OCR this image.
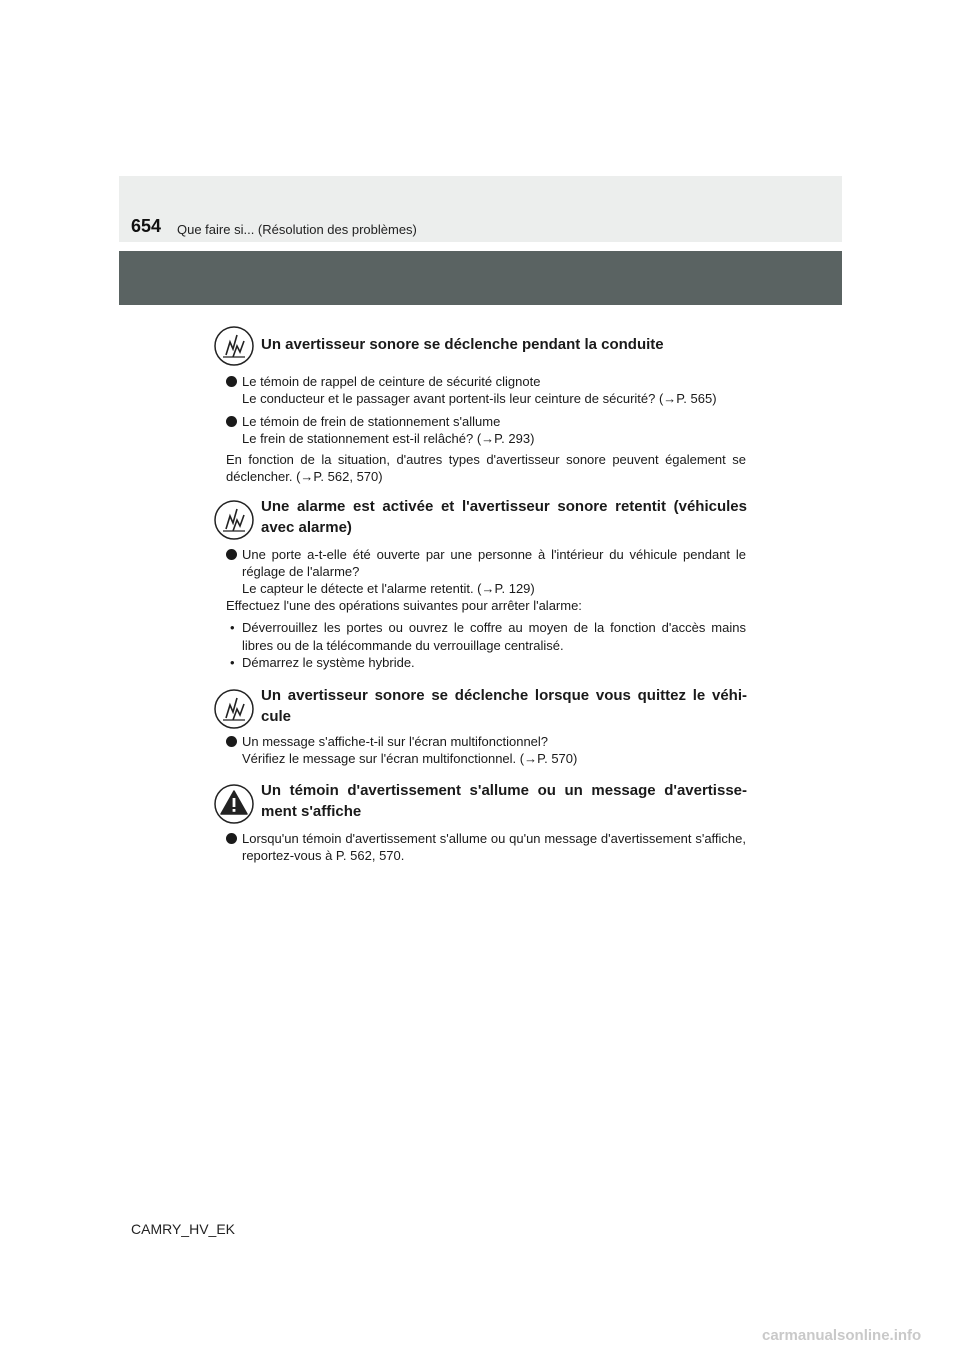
654 Que faire si... (Résolution des problèmes)
Un avertisseur sonore se déclenche pendant la conduite

Le témoin de rappel de ceinture de sécurité clignote

Le conducteur et le passager avant portent-ils leur ceinture de sécurité? (→P. 565)

Le témoin de frein de stationnement s'allume

Le frein de stationnement est-il relâché? (→P. 293)

En fonction de la situation, d'autres types d'avertisseur sonore peuvent également se déclencher. (→P. 562, 570)

Une alarme est activée et l'avertisseur sonore retentit (véhicules avec alarme)

Une porte a-t-elle été ouverte par une personne à l'intérieur du véhicule pendant le réglage de l'alarme?

Le capteur le détecte et l'alarme retentit. (→P. 129)

Effectuez l'une des opérations suivantes pour arrêter l'alarme:

• Déverrouillez les portes ou ouvrez le coffre au moyen de la fonction d'accès mains libres ou de la télécommande du verrouillage centralisé.

• Démarrez le système hybride.

Un avertisseur sonore se déclenche lorsque vous quittez le véhi-cule

Un message s'affiche-t-il sur l'écran multifonctionnel?

Vérifiez le message sur l'écran multifonctionnel. (→P. 570)

Un témoin d'avertissement s'allume ou un message d'avertisse-ment s'affiche

Lorsqu'un témoin d'avertissement s'allume ou qu'un message d'avertissement s'affiche, reportez-vous à P. 562, 570.

CAMRY_HV_EK
carmanualsonline.info
